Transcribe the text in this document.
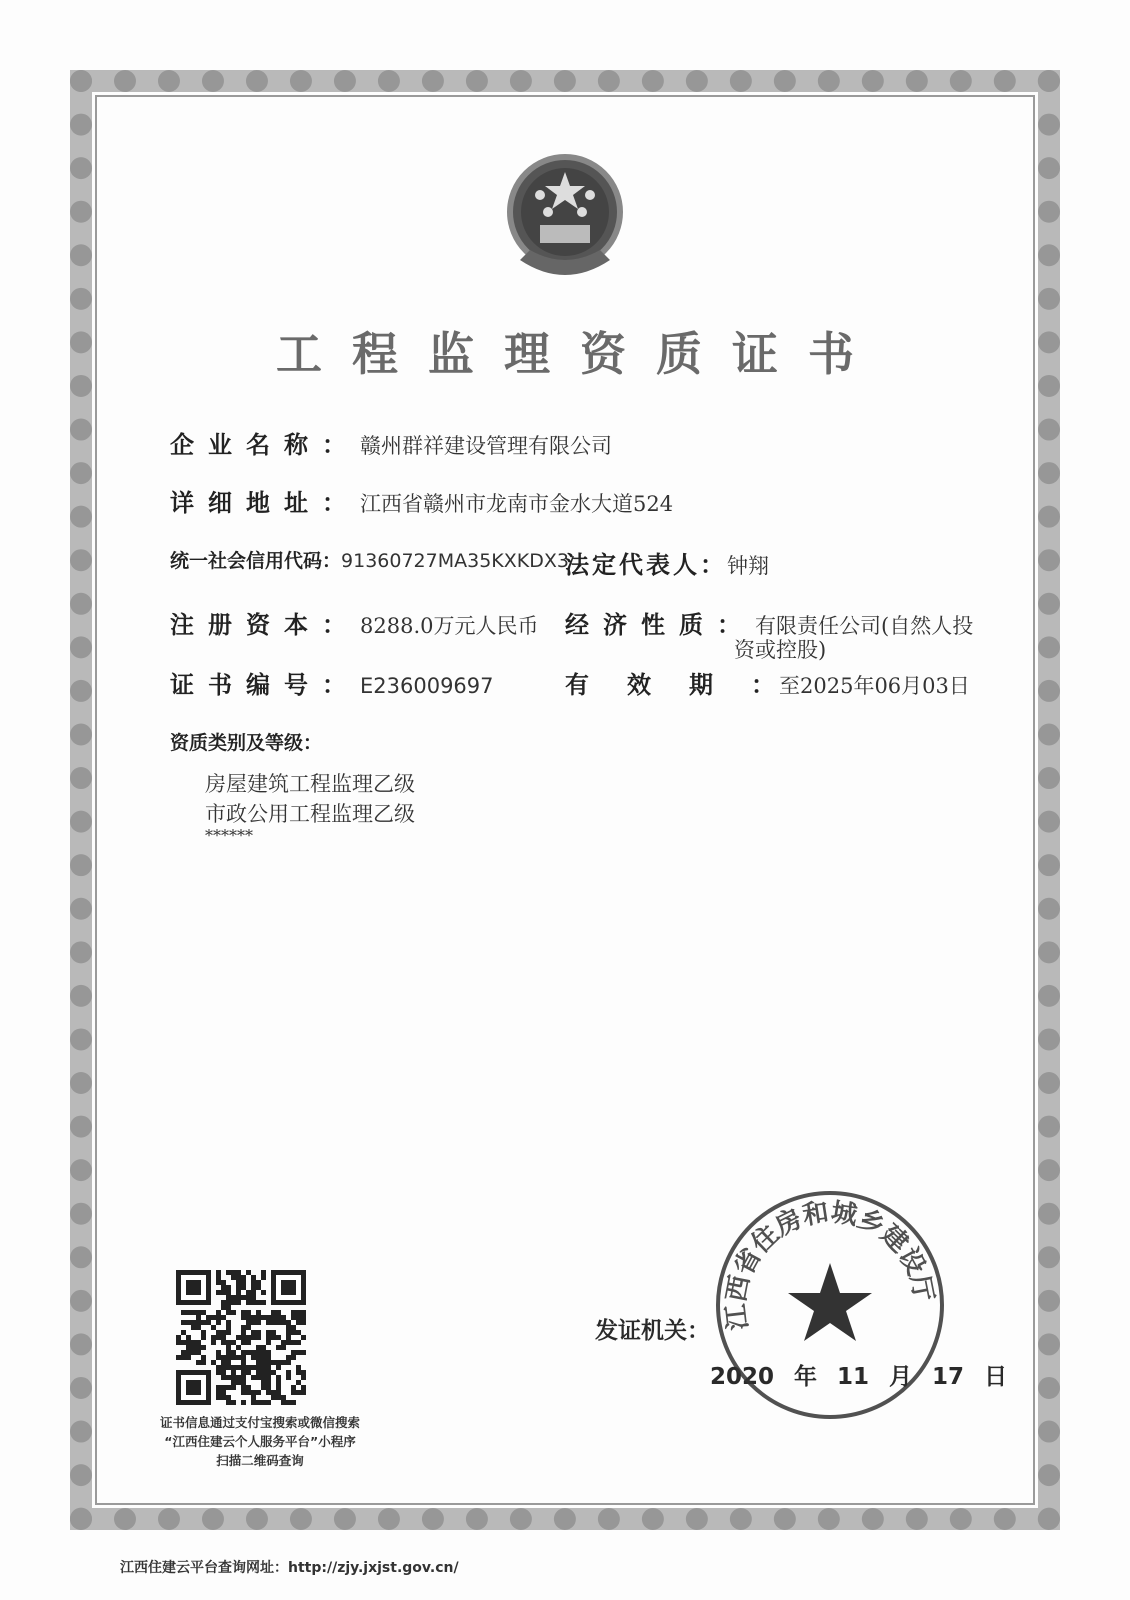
工程监理资质证书
企业名称：赣州群祥建设管理有限公司
详细地址：江西省赣州市龙南市金水大道524
统一社会信用代码：91360727MA35KXKDX3
法定代表人：钟翔
注册资本：8288.0万元人民币 经济性质：有限责任公司(自然人投
资或控股)
证书编号：E236009697	有效期：至2025年06月03日
资质类别及等级：
房屋建筑工程监理乙级
市政公用工程监理乙级
******
证书信息通过支付宝搜索或微信搜索
“江西住建云个人服务平台”小程序
扫描二维码查询
发证机关：
2020 年 11 月 17 日
江西省住房和城乡建设厅
江西住建云平台查询网址：http://zjy.jxjst.gov.cn/
